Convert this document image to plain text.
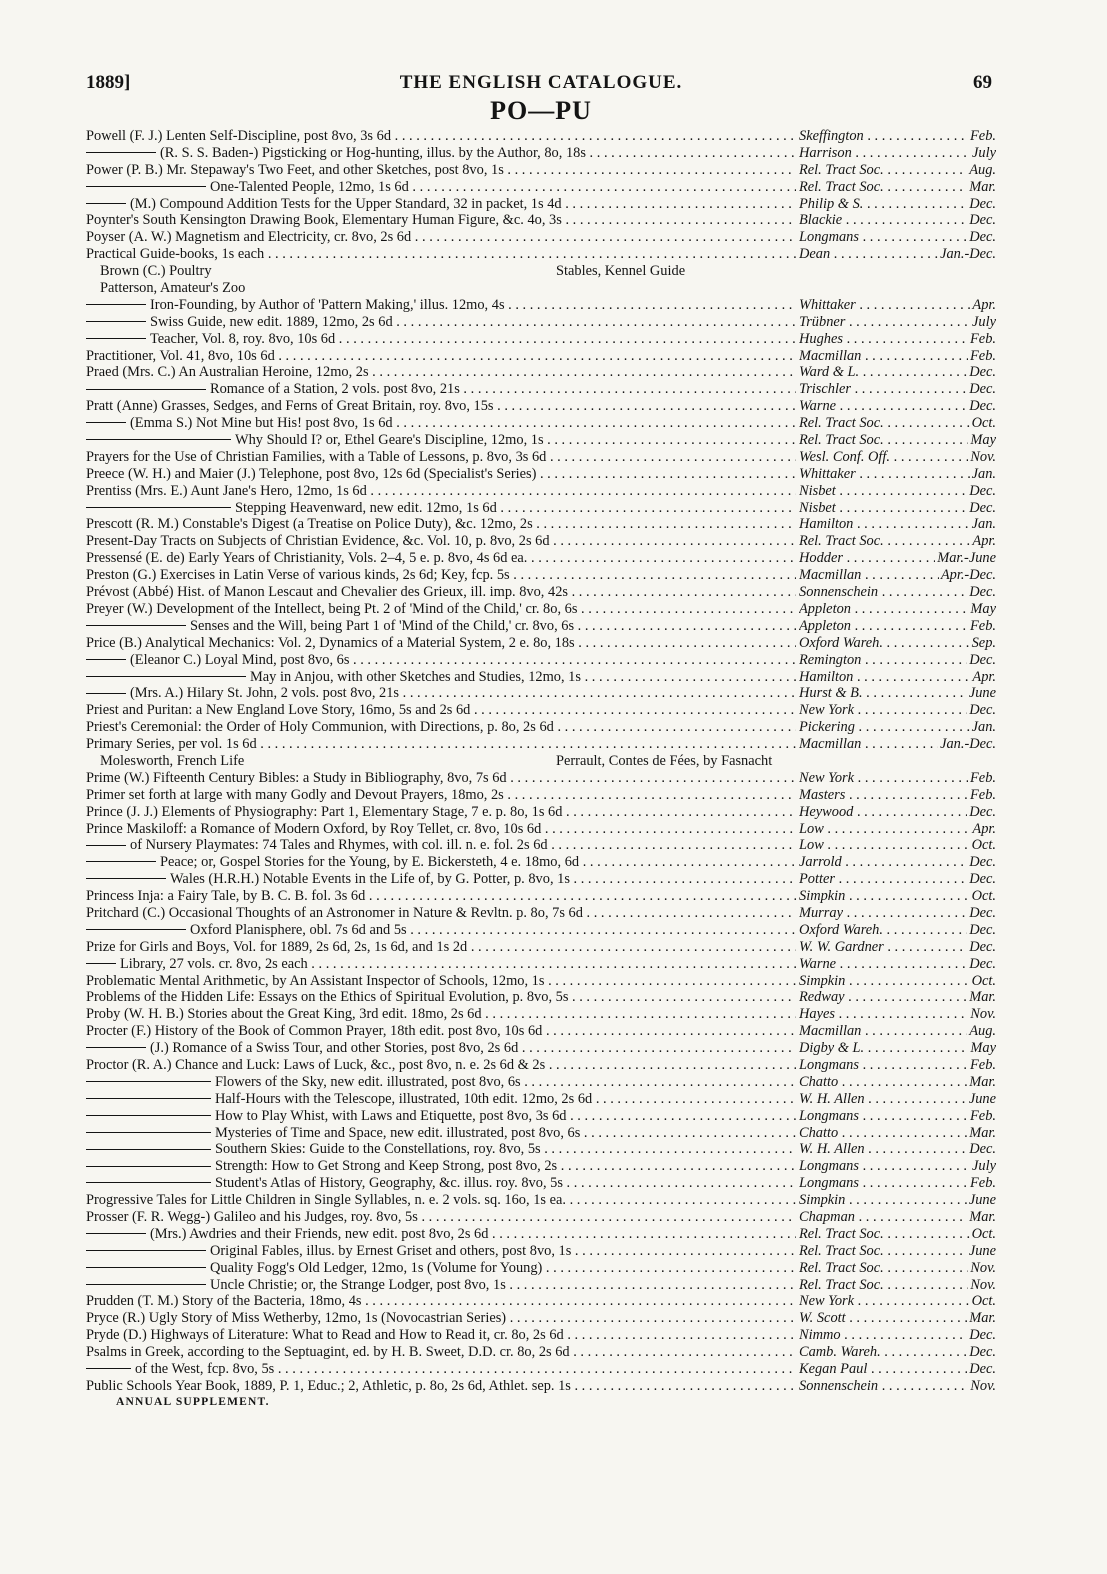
1889]	THE ENGLISH CATALOGUE.	69
PO—PU
Powell (F. J.) Lenten Self-Discipline, post 8vo, 3s 6d . . .	Skeffington . . .	Feb.
(R. S. S. Baden-) Pigsticking or Hog-hunting, illus. by the Author, 8o, 18s . . .	Harrison . . .	July
Power (P. B.) Mr. Stepaway's Two Feet, and other Sketches, post 8vo, 1s . . .	Rel. Tract Soc. . . .	Aug.
One-Talented People, 12mo, 1s 6d . . .	Rel. Tract Soc. . . .	Mar.
(M.) Compound Addition Tests for the Upper Standard, 32 in packet, 1s 4d . . .	Philip & S. . . .	Dec.
Poynter's South Kensington Drawing Book, Elementary Human Figure, &c. 4o, 3s . . .	Blackie . . .	Dec.
Poyser (A. W.) Magnetism and Electricity, cr. 8vo, 2s 6d . . .	Longmans . . .	Dec.
Practical Guide-books, 1s each . . .	Dean . . .	Jan.-Dec.
Brown (C.) Poultry	Stables, Kennel Guide
Patterson, Amateur's Zoo
Iron-Founding, by Author of 'Pattern Making,' illus. 12mo, 4s . . .	Whittaker . . .	Apr.
Swiss Guide, new edit. 1889, 12mo, 2s 6d . . .	Trübner . . .	July
Teacher, Vol. 8, roy. 8vo, 10s 6d . . .	Hughes . . .	Feb.
Practitioner, Vol. 41, 8vo, 10s 6d . . .	Macmillan . . .	Feb.
Praed (Mrs. C.) An Australian Heroine, 12mo, 2s . . .	Ward & L. . . .	Dec.
Romance of a Station, 2 vols. post 8vo, 21s . . .	Trischler . . .	Dec.
Pratt (Anne) Grasses, Sedges, and Ferns of Great Britain, roy. 8vo, 15s . . .	Warne . . .	Dec.
(Emma S.) Not Mine but His! post 8vo, 1s 6d . . .	Rel. Tract Soc. . . .	Oct.
Why Should I? or, Ethel Geare's Discipline, 12mo, 1s . . .	Rel. Tract Soc. . . .	May
Prayers for the Use of Christian Families, with a Table of Lessons, p. 8vo, 3s 6d . . .	Wesl. Conf. Off. . . .	Nov.
Preece (W. H.) and Maier (J.) Telephone, post 8vo, 12s 6d (Specialist's Series) . . .	Whittaker . . .	Jan.
Prentiss (Mrs. E.) Aunt Jane's Hero, 12mo, 1s 6d . . .	Nisbet . . .	Dec.
Stepping Heavenward, new edit. 12mo, 1s 6d . . .	Nisbet . . .	Dec.
Prescott (R. M.) Constable's Digest (a Treatise on Police Duty), &c. 12mo, 2s . . .	Hamilton . . .	Jan.
Present-Day Tracts on Subjects of Christian Evidence, &c. Vol. 10, p. 8vo, 2s 6d . . .	Rel. Tract Soc. . . .	Apr.
Pressensé (E. de) Early Years of Christianity, Vols. 2–4, 5 e. p. 8vo, 4s 6d ea. . . .	Hodder . . .	Mar.-June
Preston (G.) Exercises in Latin Verse of various kinds, 2s 6d; Key, fcp. 5s . . .	Macmillan . . .	Apr.-Dec.
Prévost (Abbé) Hist. of Manon Lescaut and Chevalier des Grieux, ill. imp. 8vo, 42s . . .	Sonnenschein . . .	Dec.
Preyer (W.) Development of the Intellect, being Pt. 2 of 'Mind of the Child,' cr. 8o, 6s . . .	Appleton . . .	May
Senses and the Will, being Part 1 of 'Mind of the Child,' cr. 8vo, 6s . . .	Appleton . . .	Feb.
Price (B.) Analytical Mechanics: Vol. 2, Dynamics of a Material System, 2 e. 8o, 18s . . .	Oxford Wareh. . . .	Sep.
(Eleanor C.) Loyal Mind, post 8vo, 6s . . .	Remington . . .	Dec.
May in Anjou, with other Sketches and Studies, 12mo, 1s . . .	Hamilton . . .	Apr.
(Mrs. A.) Hilary St. John, 2 vols. post 8vo, 21s . . .	Hurst & B. . . .	June
Priest and Puritan: a New England Love Story, 16mo, 5s and 2s 6d . . .	New York . . .	Dec.
Priest's Ceremonial: the Order of Holy Communion, with Directions, p. 8o, 2s 6d . . .	Pickering . . .	Jan.
Primary Series, per vol. 1s 6d . . .	Macmillan . . .	Jan.-Dec.
Molesworth, French Life	Perrault, Contes de Fées, by Fasnacht
Prime (W.) Fifteenth Century Bibles: a Study in Bibliography, 8vo, 7s 6d . . .	New York . . .	Feb.
Primer set forth at large with many Godly and Devout Prayers, 18mo, 2s . . .	Masters . . .	Feb.
Prince (J. J.) Elements of Physiography: Part 1, Elementary Stage, 7 e. p. 8o, 1s 6d . . .	Heywood . . .	Dec.
Prince Maskiloff: a Romance of Modern Oxford, by Roy Tellet, cr. 8vo, 10s 6d . . .	Low . . .	Apr.
of Nursery Playmates: 74 Tales and Rhymes, with col. ill. n. e. fol. 2s 6d . . .	Low . . .	Oct.
Peace; or, Gospel Stories for the Young, by E. Bickersteth, 4 e. 18mo, 6d . . .	Jarrold . . .	Dec.
Wales (H.R.H.) Notable Events in the Life of, by G. Potter, p. 8vo, 1s . . .	Potter . . .	Dec.
Princess Inja: a Fairy Tale, by B. C. B. fol. 3s 6d . . .	Simpkin . . .	Oct.
Pritchard (C.) Occasional Thoughts of an Astronomer in Nature & Revltn. p. 8o, 7s 6d . . .	Murray . . .	Dec.
Oxford Planisphere, obl. 7s 6d and 5s . . .	Oxford Wareh. . . .	Dec.
Prize for Girls and Boys, Vol. for 1889, 2s 6d, 2s, 1s 6d, and 1s 2d . . .	W. W. Gardner . . .	Dec.
Library, 27 vols. cr. 8vo, 2s each . . .	Warne . . .	Dec.
Problematic Mental Arithmetic, by An Assistant Inspector of Schools, 12mo, 1s . . .	Simpkin . . .	Oct.
Problems of the Hidden Life: Essays on the Ethics of Spiritual Evolution, p. 8vo, 5s . . .	Redway . . .	Mar.
Proby (W. H. B.) Stories about the Great King, 3rd edit. 18mo, 2s 6d . . .	Hayes . . .	Nov.
Procter (F.) History of the Book of Common Prayer, 18th edit. post 8vo, 10s 6d . . .	Macmillan . . .	Aug.
(J.) Romance of a Swiss Tour, and other Stories, post 8vo, 2s 6d . . .	Digby & L. . . .	May
Proctor (R. A.) Chance and Luck: Laws of Luck, &c., post 8vo, n. e. 2s 6d & 2s . . .	Longmans . . .	Feb.
Flowers of the Sky, new edit. illustrated, post 8vo, 6s . . .	Chatto . . .	Mar.
Half-Hours with the Telescope, illustrated, 10th edit. 12mo, 2s 6d . . .	W. H. Allen . . .	June
How to Play Whist, with Laws and Etiquette, post 8vo, 3s 6d . . .	Longmans . . .	Feb.
Mysteries of Time and Space, new edit. illustrated, post 8vo, 6s . . .	Chatto . . .	Mar.
Southern Skies: Guide to the Constellations, roy. 8vo, 5s . . .	W. H. Allen . . .	Dec.
Strength: How to Get Strong and Keep Strong, post 8vo, 2s . . .	Longmans . . .	July
Student's Atlas of History, Geography, &c. illus. roy. 8vo, 5s . . .	Longmans . . .	Feb.
Progressive Tales for Little Children in Single Syllables, n. e. 2 vols. sq. 16o, 1s ea. . . .	Simpkin . . .	June
Prosser (F. R. Wegg-) Galileo and his Judges, roy. 8vo, 5s . . .	Chapman . . .	Mar.
(Mrs.) Awdries and their Friends, new edit. post 8vo, 2s 6d . . .	Rel. Tract Soc. . . .	Oct.
Original Fables, illus. by Ernest Griset and others, post 8vo, 1s . . .	Rel. Tract Soc. . . .	June
Quality Fogg's Old Ledger, 12mo, 1s (Volume for Young) . . .	Rel. Tract Soc. . . .	Nov.
Uncle Christie; or, the Strange Lodger, post 8vo, 1s . . .	Rel. Tract Soc. . . .	Nov.
Prudden (T. M.) Story of the Bacteria, 18mo, 4s . . .	New York . . .	Oct.
Pryce (R.) Ugly Story of Miss Wetherby, 12mo, 1s (Novocastrian Series) . . .	W. Scott . . .	Mar.
Pryde (D.) Highways of Literature: What to Read and How to Read it, cr. 8o, 2s 6d . . .	Nimmo . . .	Dec.
Psalms in Greek, according to the Septuagint, ed. by H. B. Sweet, D.D. cr. 8o, 2s 6d . . .	Camb. Wareh. . . .	Dec.
of the West, fcp. 8vo, 5s . . .	Kegan Paul . . .	Dec.
Public Schools Year Book, 1889, P. 1, Educ.; 2, Athletic, p. 8o, 2s 6d, Athlet. sep. 1s . . .	Sonnenschein . . .	Nov.
ANNUAL SUPPLEMENT.
